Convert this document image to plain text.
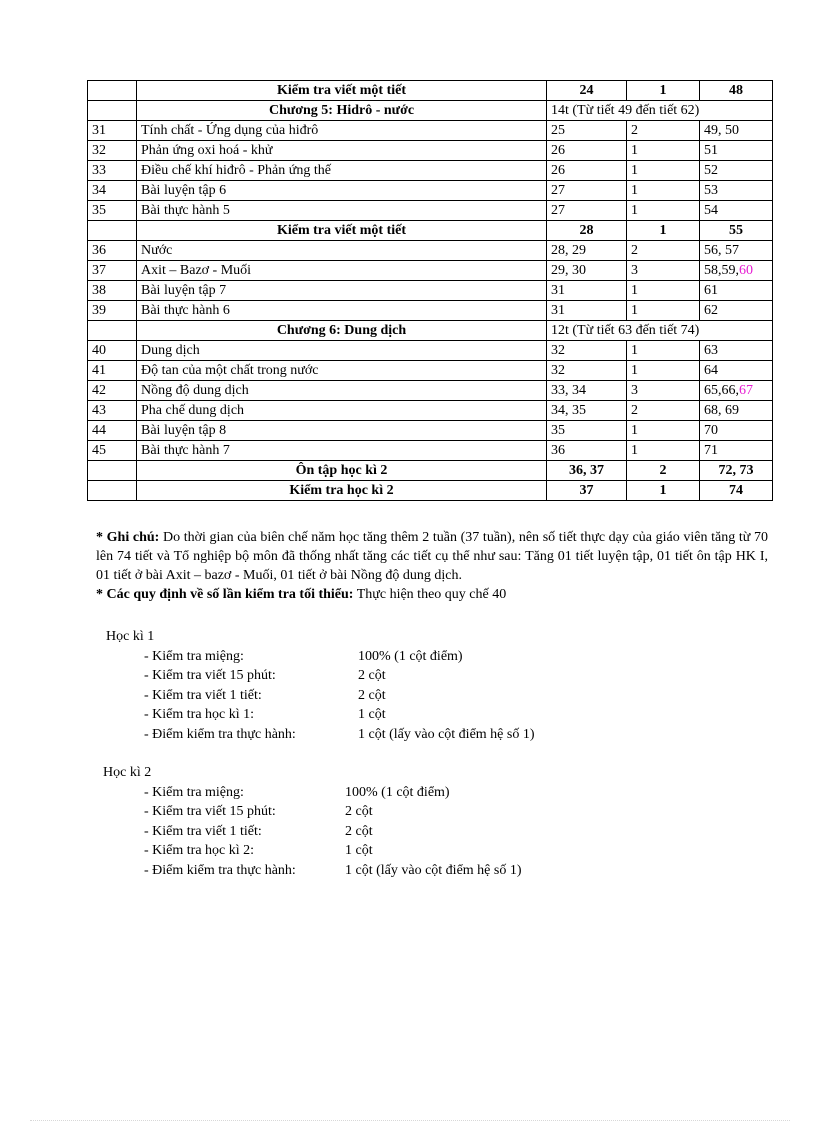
	Kiểm tra viết một tiết	24	1	48
	Chương 5: Hidrô - nước	14t (Từ tiết 49 đến tiết 62)		
31	Tính chất - Ứng dụng của hiđrô	25	2	49, 50
32	Phản ứng oxi hoá - khử	26	1	51
33	Điều chế khí hiđrô - Phản ứng thế	26	1	52
34	Bài luyện tập 6	27	1	53
35	Bài thực hành 5	27	1	54
	Kiểm tra viết một tiết	28	1	55
36	Nước	28, 29	2	56, 57
37	Axit – Bazơ - Muối	29, 30	3	58,59,60
38	Bài luyện tập 7	31	1	61
39	Bài thực hành 6	31	1	62
	Chương 6: Dung dịch	12t (Từ tiết 63 đến tiết 74)		
40	Dung dịch	32	1	63
41	Độ tan của một chất trong nước	32	1	64
42	Nồng độ dung dịch	33, 34	3	65,66,67
43	Pha chế dung dịch	34, 35	2	68, 69
44	Bài luyện tập 8	35	1	70
45	Bài thực hành 7	36	1	71
	Ôn tập học kì 2	36, 37	2	72, 73
	Kiểm tra học kì 2	37	1	74

* Ghi chú: Do thời gian của biên chế năm học tăng thêm 2 tuần (37 tuần), nên số tiết thực dạy của giáo viên tăng từ 70 lên 74 tiết và Tổ nghiệp bộ môn đã thống nhất tăng các tiết cụ thể như sau: Tăng 01 tiết luyện tập, 01 tiết ôn tập HK I, 01 tiết ở bài Axit – bazơ - Muối, 01 tiết ở bài Nồng độ dung dịch.

* Các quy định về số lần kiểm tra tối thiểu: Thực hiện theo quy chế 40

Học kì 1
- Kiểm tra miệng:	100% (1 cột điểm)
- Kiểm tra viết 15 phút:	2 cột
- Kiểm tra viết 1 tiết:	2 cột
- Kiểm tra học kì 1:	1 cột
- Điểm kiểm tra thực hành:	1 cột (lấy vào cột điểm hệ số 1)
Học kì 2
- Kiểm tra miệng:	100% (1 cột điểm)
- Kiểm tra viết 15 phút:	2 cột
- Kiểm tra viết 1 tiết:	2 cột
- Kiểm tra học kì 2:	1 cột
- Điểm kiểm tra thực hành:	1 cột (lấy vào cột điểm hệ số 1)
